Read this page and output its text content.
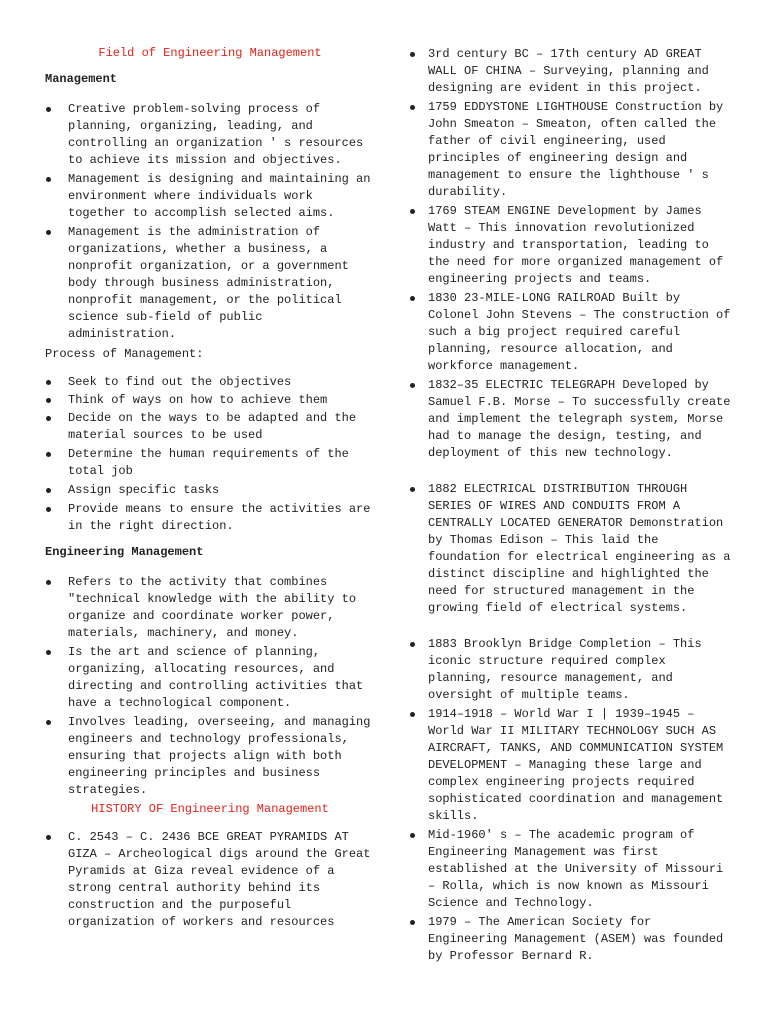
Field of Engineering Management
Management
Creative problem-solving process of planning, organizing, leading, and controlling an organization ' s resources to achieve its mission and objectives.
Management is designing and maintaining an environment where individuals work together to accomplish selected aims.
Management is the administration of organizations, whether a business, a nonprofit organization, or a government body through business administration, nonprofit management, or the political science sub-field of public administration.
Process of Management:
Seek to find out the objectives
Think of ways on how to achieve them
Decide on the ways to be adapted and the material sources to be used
Determine the human requirements of the total job
Assign specific tasks
Provide means to ensure the activities are in the right direction.
Engineering Management
Refers to the activity that combines "technical knowledge with the ability to organize and coordinate worker power, materials, machinery, and money.
Is the art and science of planning, organizing, allocating resources, and directing and controlling activities that have a technological component.
Involves leading, overseeing, and managing engineers and technology professionals, ensuring that projects align with both engineering principles and business strategies.
HISTORY OF Engineering Management
C. 2543 – C. 2436 BCE GREAT PYRAMIDS AT GIZA – Archeological digs around the Great Pyramids at Giza reveal evidence of a strong central authority behind its construction and the purposeful organization of workers and resources
3rd century BC – 17th century AD GREAT WALL OF CHINA – Surveying, planning and designing are evident in this project.
1759 EDDYSTONE LIGHTHOUSE Construction by John Smeaton – Smeaton, often called the father of civil engineering, used principles of engineering design and management to ensure the lighthouse ' s durability.
1769 STEAM ENGINE Development by James Watt – This innovation revolutionized industry and transportation, leading to the need for more organized management of engineering projects and teams.
1830 23-MILE-LONG RAILROAD Built by Colonel John Stevens – The construction of such a big project required careful planning, resource allocation, and workforce management.
1832–35 ELECTRIC TELEGRAPH Developed by Samuel F.B. Morse – To successfully create and implement the telegraph system, Morse had to manage the design, testing, and deployment of this new technology.
1882 ELECTRICAL DISTRIBUTION THROUGH SERIES OF WIRES AND CONDUITS FROM A CENTRALLY LOCATED GENERATOR Demonstration by Thomas Edison – This laid the foundation for electrical engineering as a distinct discipline and highlighted the need for structured management in the growing field of electrical systems.
1883 Brooklyn Bridge Completion – This iconic structure required complex planning, resource management, and oversight of multiple teams.
1914–1918 – World War I | 1939–1945 – World War II MILITARY TECHNOLOGY SUCH AS AIRCRAFT, TANKS, AND COMMUNICATION SYSTEM DEVELOPMENT – Managing these large and complex engineering projects required sophisticated coordination and management skills.
Mid-1960' s – The academic program of Engineering Management was first established at the University of Missouri – Rolla, which is now known as Missouri Science and Technology.
1979 – The American Society for Engineering Management (ASEM) was founded by Professor Bernard R.
